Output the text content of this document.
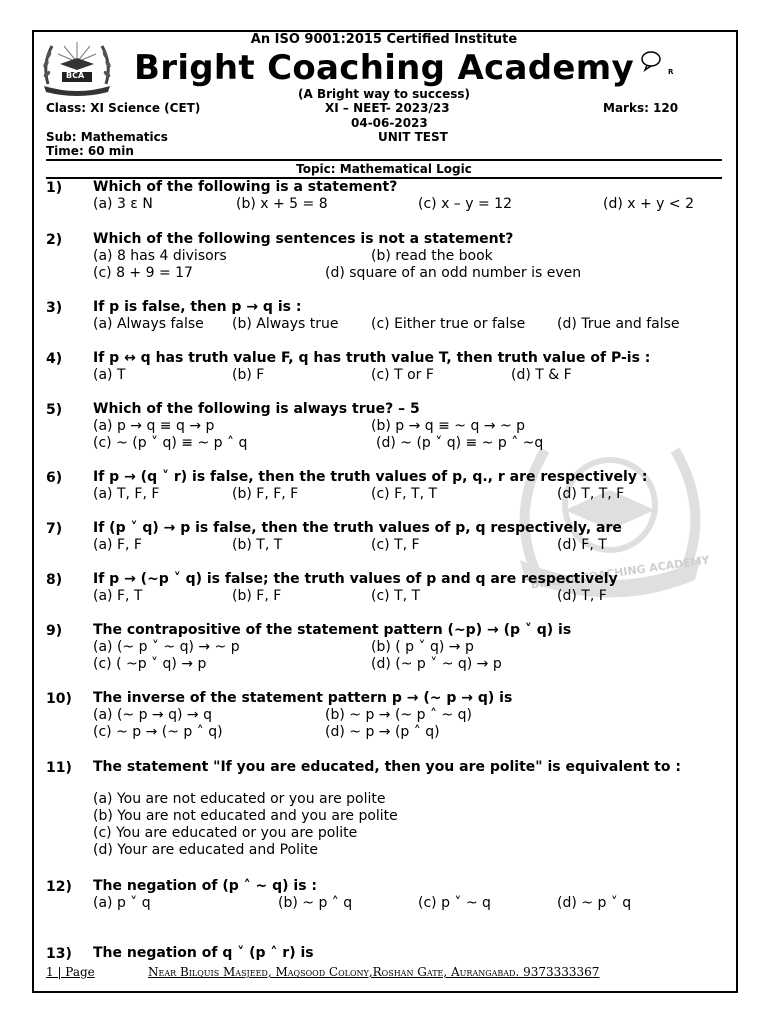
BCA
BRIGHT COACHING ACADEMY
An ISO 9001:2015 Certified Institute
Bright Coaching Academy	R
(A Bright way to success)
Class: XI Science (CET)	XI – NEET- 2023/23	Marks: 120
04-06-2023
Sub: Mathematics	UNIT TEST
Time: 60 min
Topic: Mathematical Logic
1) Which of the following is a statement?
(a) 3 ε N	(b) x + 5 = 8	(c) x – y = 12	(d) x + y < 2
2) Which of the following sentences is not a statement?
(a) 8 has 4 divisors	(b) read the book
(c) 8 + 9 = 17	(d) square of an odd number is even
3) If p is false, then p → q is :
(a) Always false (b) Always true (c) Either true or false (d) True and false
4) If p ↔ q has truth value F, q has truth value T, then truth value of P-is :
(a) T	(b) F	(c) T or F	(d) T & F
5) Which of the following is always true? – 5
(a) p → q ≡ q → p	(b) p → q ≡ ~ q → ~ p
(c) ~ (p ˅ q) ≡ ~ p ˄ q	(d) ~ (p ˅ q) ≡ ~ p ˄ ~q
6) If p → (q ˅ r) is false, then the truth values of p, q., r are respectively :
(a) T, F, F	(b) F, F, F	(c) F, T, T	(d) T, T, F
7) If (p ˅ q) → p is false, then the truth values of p, q respectively, are
(a) F, F	(b) T, T	(c) T, F	(d) F, T
8) If p → (~p ˅ q) is false; the truth values of p and q are respectively
(a) F, T	(b) F, F	(c) T, T	(d) T, F
9) The contrapositive of the statement pattern (~p) → (p ˅ q) is
(a) (~ p ˅ ~ q) → ~ p	(b) ( p ˅ q) → p
(c) ( ~p ˅ q) → p	(d) (~ p ˅ ~ q) → p
10) The inverse of the statement pattern p → (~ p → q) is
(a) (~ p → q) → q	(b) ~ p → (~ p ˄ ~ q)
(c) ~ p → (~ p ˄ q)	(d) ~ p → (p ˄ q)
11) The statement "If you are educated, then you are polite" is equivalent to :
(a) You are not educated or you are polite
(b) You are not educated and you are polite
(c) You are educated or you are polite
(d) Your are educated and Polite
12) The negation of (p ˄ ~ q) is :
(a) p ˅ q	(b) ~ p ˄ q	(c) p ˅ ~ q	(d) ~ p ˅ q
13) The negation of q ˅ (p ˄ r) is
1 | Page	Near Bilquis Masjeed, Maqsood Colony,Roshan Gate, Aurangabad. 9373333367
